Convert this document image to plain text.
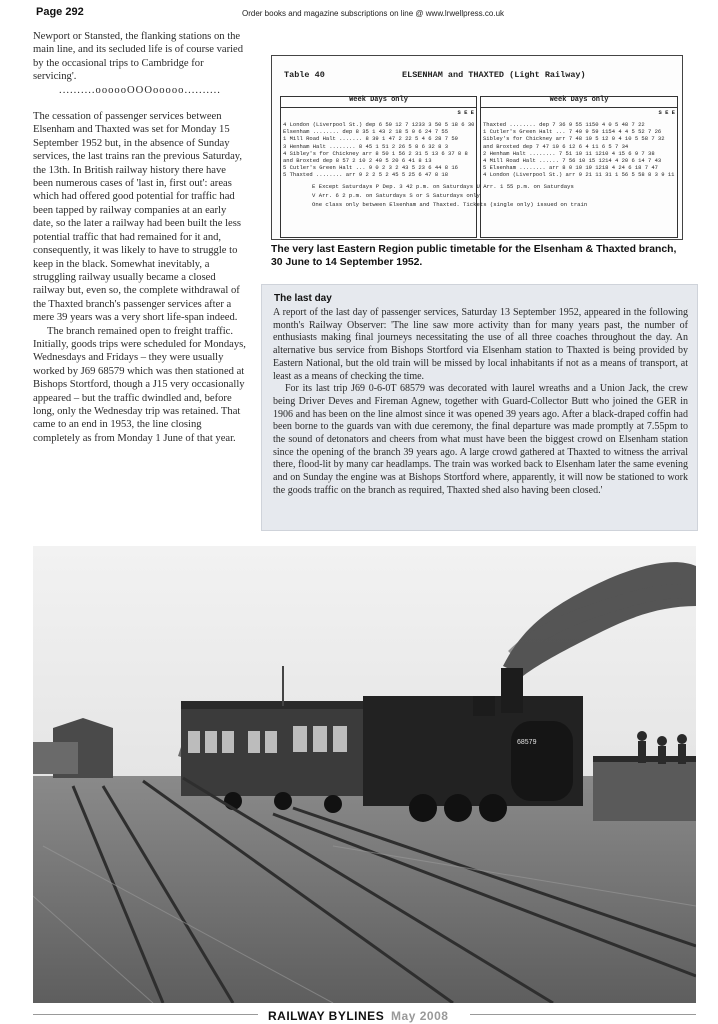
Page 292	Order books and magazine subscriptions on line @ www.lrwellpress.co.uk

Newport or Stansted, the flanking stations on the main line, and its secluded life is of course varied by the occasional trips to Cambridge for servicing'.

..........oooooOOOooooo..........

The cessation of passenger services between Elsenham and Thaxted was set for Monday 15 September 1952 but, in the absence of Sunday services, the last trains ran the previous Saturday, the 13th. In British railway history there have been numerous cases of 'last in, first out': areas which had offered good potential for traffic had been tapped by railway companies at an early date, so the later a railway had been built the less potential traffic that had remained for it and, consequently, it was likely to have to struggle to keep in the black. Somewhat inevitably, a struggling railway usually became a closed railway but, even so, the complete withdrawal of the Thaxted branch's passenger services after a mere 39 years was a very short life-span indeed.

The branch remained open to freight traffic. Initially, goods trips were scheduled for Mondays, Wednesdays and Fridays – they were usually worked by J69 68579 which was then stationed at Bishops Stortford, though a J15 very occasionally appeared – but the traffic dwindled and, before long, only the Wednesday trip was retained. That came to an end in 1953, the line closing completely as from Monday 1 June of that year.

Table 40	ELSENHAM and THAXTED (Light Railway)
Week Days only
S E E
4 London (Liverpool St.) dep 6 50 12 7 1233 3 50 5 18 6 30
Elsenham ........ dep 8 35 1 43 2 18 5 0 6 24 7 55
1 Mill Road Halt ....... 8 39 1 47 2 22 5 4 6 28 7 59
3 Henham Halt ........ 8 45 1 51 2 26 5 8 6 32 8 3
4 Sibley's for Chickney arr 8 50 1 56 2 31 5 13 6 37 8 8
and Broxted dep 8 57 2 10 2 40 5 20 6 41 8 13
5 Cutler's Green Halt ... 9 0 2 3 2 43 5 23 6 44 8 16
5 Thaxted ........ arr 9 2 2 5 2 45 5 25 6 47 8 18
Week Days only
S E E
Thaxted ........ dep 7 36 9 55 1150 4 0 5 48 7 22
1 Cutler's Green Halt ... 7 40 9 59 1154 4 4 5 52 7 26
Sibley's for Chickney arr 7 48 10 5 12 0 4 10 5 58 7 32
and Broxted dep 7 47 10 6 12 6 4 11 6 5 7 34
2 Henham Halt ........ 7 51 10 11 1210 4 15 6 9 7 38
4 Mill Road Halt ...... 7 56 10 15 1214 4 20 6 14 7 43
5 Elsenham ........ arr 8 0 10 19 1218 4 24 6 18 7 47
4 London (Liverpool St.) arr 9 21 11 31 1 56 5 58 8 3 9 11
E Except Saturdays P Dep. 3 42 p.m. on Saturdays U Arr. 1 55 p.m. on Saturdays
V Arr. 6 2 p.m. on Saturdays S or S Saturdays only
One class only between Elsenham and Thaxted. Tickets (single only) issued on train
The very last Eastern Region public timetable for the Elsenham & Thaxted branch, 30 June to 14 September 1952.
The last day

A report of the last day of passenger services, Saturday 13 September 1952, appeared in the following month's Railway Observer: 'The line saw more activity than for many years past, the number of enthusiasts making final journeys necessitating the use of all three coaches throughout the day. An alternative bus service from Bishops Stortford via Elsenham station to Thaxted is being provided by Eastern National, but the old train will be missed by local inhabitants if not as a means of transport, at least as a means of checking the time.

For its last trip J69 0-6-0T 68579 was decorated with laurel wreaths and a Union Jack, the crew being Driver Deves and Fireman Agnew, together with Guard-Collector Butt who joined the GER in 1906 and has been on the line almost since it was opened 39 years ago. After a black-draped coffin had been borne to the guards van with due ceremony, the final departure was made promptly at 7.55pm to the sound of detonators and cheers from what must have been the biggest crowd on Elsenham station since the opening of the branch 39 years ago. A large crowd gathered at Thaxted to witness the arrival there, flood-lit by many car headlamps. The train was worked back to Elsenham later the same evening and on Sunday the engine was at Bishops Stortford where, apparently, it will now be stationed to work the goods traffic on the branch as required, Thaxted shed also having been closed.'

68579
RAILWAY BYLINES May 2008
